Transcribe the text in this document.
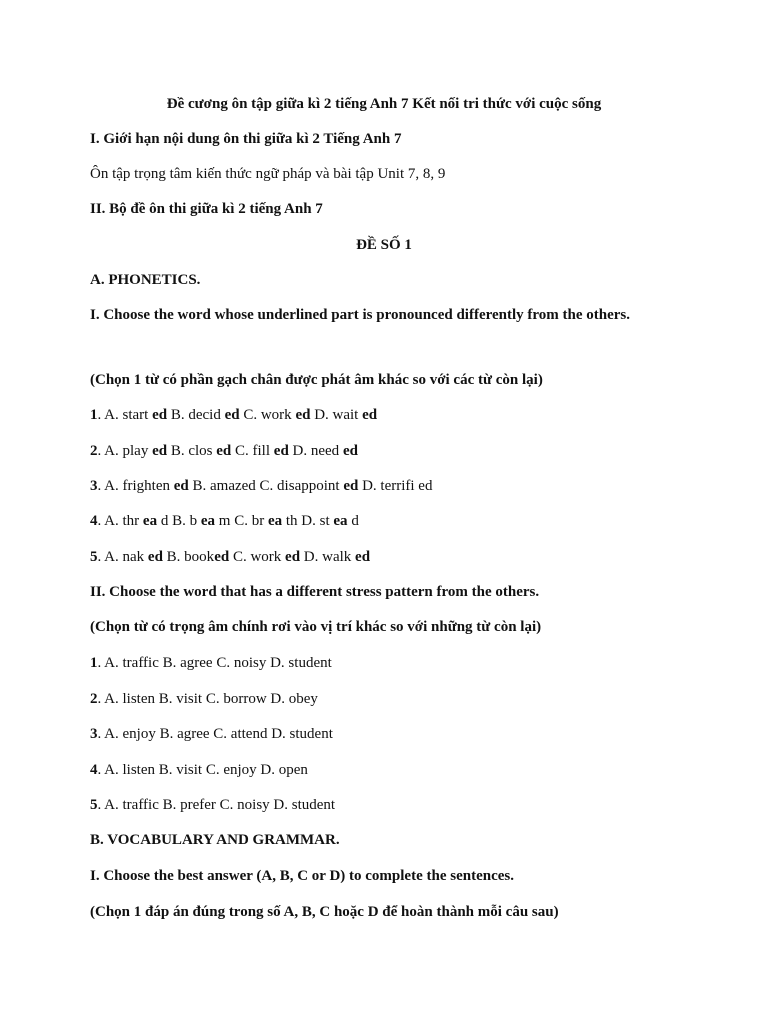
Đề cương ôn tập giữa kì 2 tiếng Anh 7 Kết nối tri thức với cuộc sống
I. Giới hạn nội dung ôn thi giữa kì 2 Tiếng Anh 7
Ôn tập trọng tâm kiến thức ngữ pháp và bài tập Unit 7, 8, 9
II. Bộ đề ôn thi giữa kì 2 tiếng Anh 7
ĐỀ SỐ 1
A. PHONETICS.
I. Choose the word whose underlined part is pronounced differently from the others.
(Chọn 1 từ có phần gạch chân được phát âm khác so với các từ còn lại)
1. A. start ed B. decid ed C. work ed D. wait ed
2. A. play ed B. clos ed C. fill ed D. need ed
3. A. frighten ed B. amazed C. disappoint ed D. terrifi ed
4. A. thr ea d B. b ea m C. br ea th D. st ea d
5. A. nak ed B. booked C. work ed D. walk ed
II. Choose the word that has a different stress pattern from the others.
(Chọn từ có trọng âm chính rơi vào vị trí khác so với những từ còn lại)
1. A. traffic B. agree C. noisy D. student
2. A. listen B. visit C. borrow D. obey
3. A. enjoy B. agree C. attend D. student
4. A. listen B. visit C. enjoy D. open
5. A. traffic B. prefer C. noisy D. student
B. VOCABULARY AND GRAMMAR.
I. Choose the best answer (A, B, C or D) to complete the sentences.
(Chọn 1 đáp án đúng trong số A, B, C hoặc D để hoàn thành mỗi câu sau)
